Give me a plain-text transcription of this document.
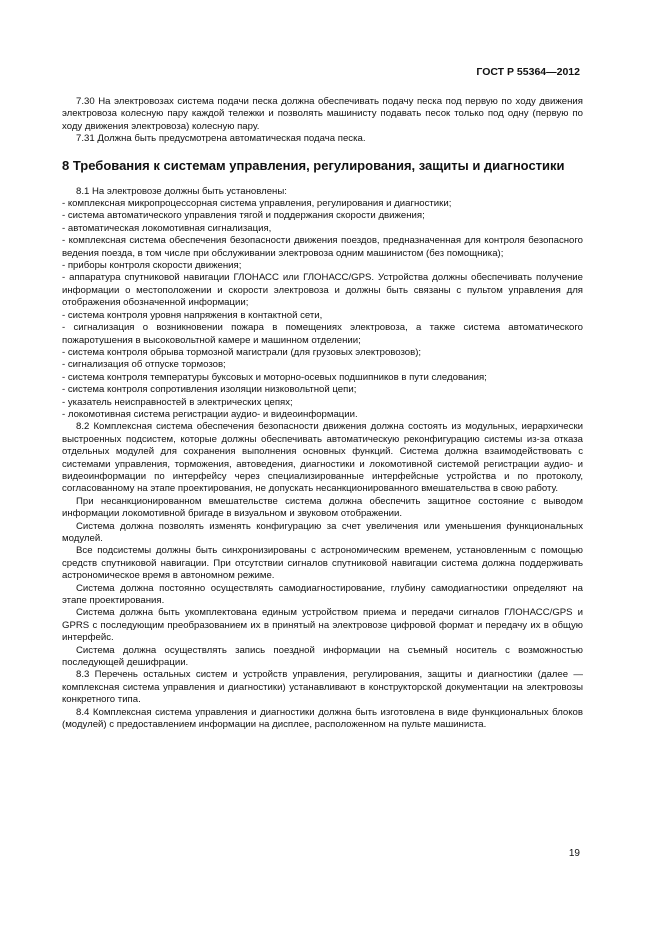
ГОСТ Р 55364—2012

7.30 На электровозах система подачи песка должна обеспечивать подачу песка под первую по ходу движения электровоза колесную пару каждой тележки и позволять машинисту подавать песок только под одну (первую по ходу движения электровоза) колесную пару.

7.31 Должна быть предусмотрена автоматическая подача песка.

8 Требования к системам управления, регулирования, защиты и диагностики

8.1 На электровозе должны быть установлены:

- комплексная микропроцессорная система управления, регулирования и диагностики;

- система автоматического управления тягой и поддержания скорости движения;

- автоматическая локомотивная сигнализация,

- комплексная система обеспечения безопасности движения поездов, предназначенная для контроля безопасного ведения поезда, в том числе при обслуживании электровоза одним машинистом (без помощника);

- приборы контроля скорости движения;

- аппаратура спутниковой навигации ГЛОНАСС или ГЛОНАСС/GPS. Устройства должны обеспечивать получение информации о местоположении и скорости электровоза и должны быть связаны с пультом управления для отображения обозначенной информации;

- система контроля уровня напряжения в контактной сети,

- сигнализация о возникновении пожара в помещениях электровоза, а также система автоматического пожаротушения в высоковольтной камере и машинном отделении;

- система контроля обрыва тормозной магистрали (для грузовых электровозов);

- сигнализация об отпуске тормозов;

- система контроля температуры буксовых и моторно-осевых подшипников в пути следования;

- система контроля сопротивления изоляции низковольтной цепи;

- указатель неисправностей в электрических цепях;

- локомотивная система регистрации аудио- и видеоинформации.

8.2 Комплексная система обеспечения безопасности движения должна состоять из модульных, иерархически выстроенных подсистем, которые должны обеспечивать автоматическую реконфигурацию системы из-за отказа отдельных модулей для сохранения выполнения основных функций. Система должна взаимодействовать с системами управления, торможения, автоведения, диагностики и локомотивной системой регистрации аудио- и видеоинформации по интерфейсу через специализированные интерфейсные устройства и по протоколу, согласованному на этапе проектирования, не допускать несанкционированного вмешательства в свою работу.

При несанкционированном вмешательстве система должна обеспечить защитное состояние с выводом информации локомотивной бригаде в визуальном и звуковом отображении.

Система должна позволять изменять конфигурацию за счет увеличения или уменьшения функциональных модулей.

Все подсистемы должны быть синхронизированы с астрономическим временем, установленным с помощью средств спутниковой навигации. При отсутствии сигналов спутниковой навигации система должна поддерживать астрономическое время в автономном режиме.

Система должна постоянно осуществлять самодиагностирование, глубину самодиагностики определяют на этапе проектирования.

Система должна быть укомплектована единым устройством приема и передачи сигналов ГЛОНАСС/GPS и GPRS с последующим преобразованием их в принятый на электровозе цифровой формат и передачу их в общую интерфейс.

Система должна осуществлять запись поездной информации на съемный носитель с возможностью последующей дешифрации.

8.3 Перечень остальных систем и устройств управления, регулирования, защиты и диагностики (далее — комплексная система управления и диагностики) устанавливают в конструкторской документации на электровозы конкретного типа.

8.4 Комплексная система управления и диагностики должна быть изготовлена в виде функциональных блоков (модулей) с предоставлением информации на дисплее, расположенном на пульте машиниста.

19
